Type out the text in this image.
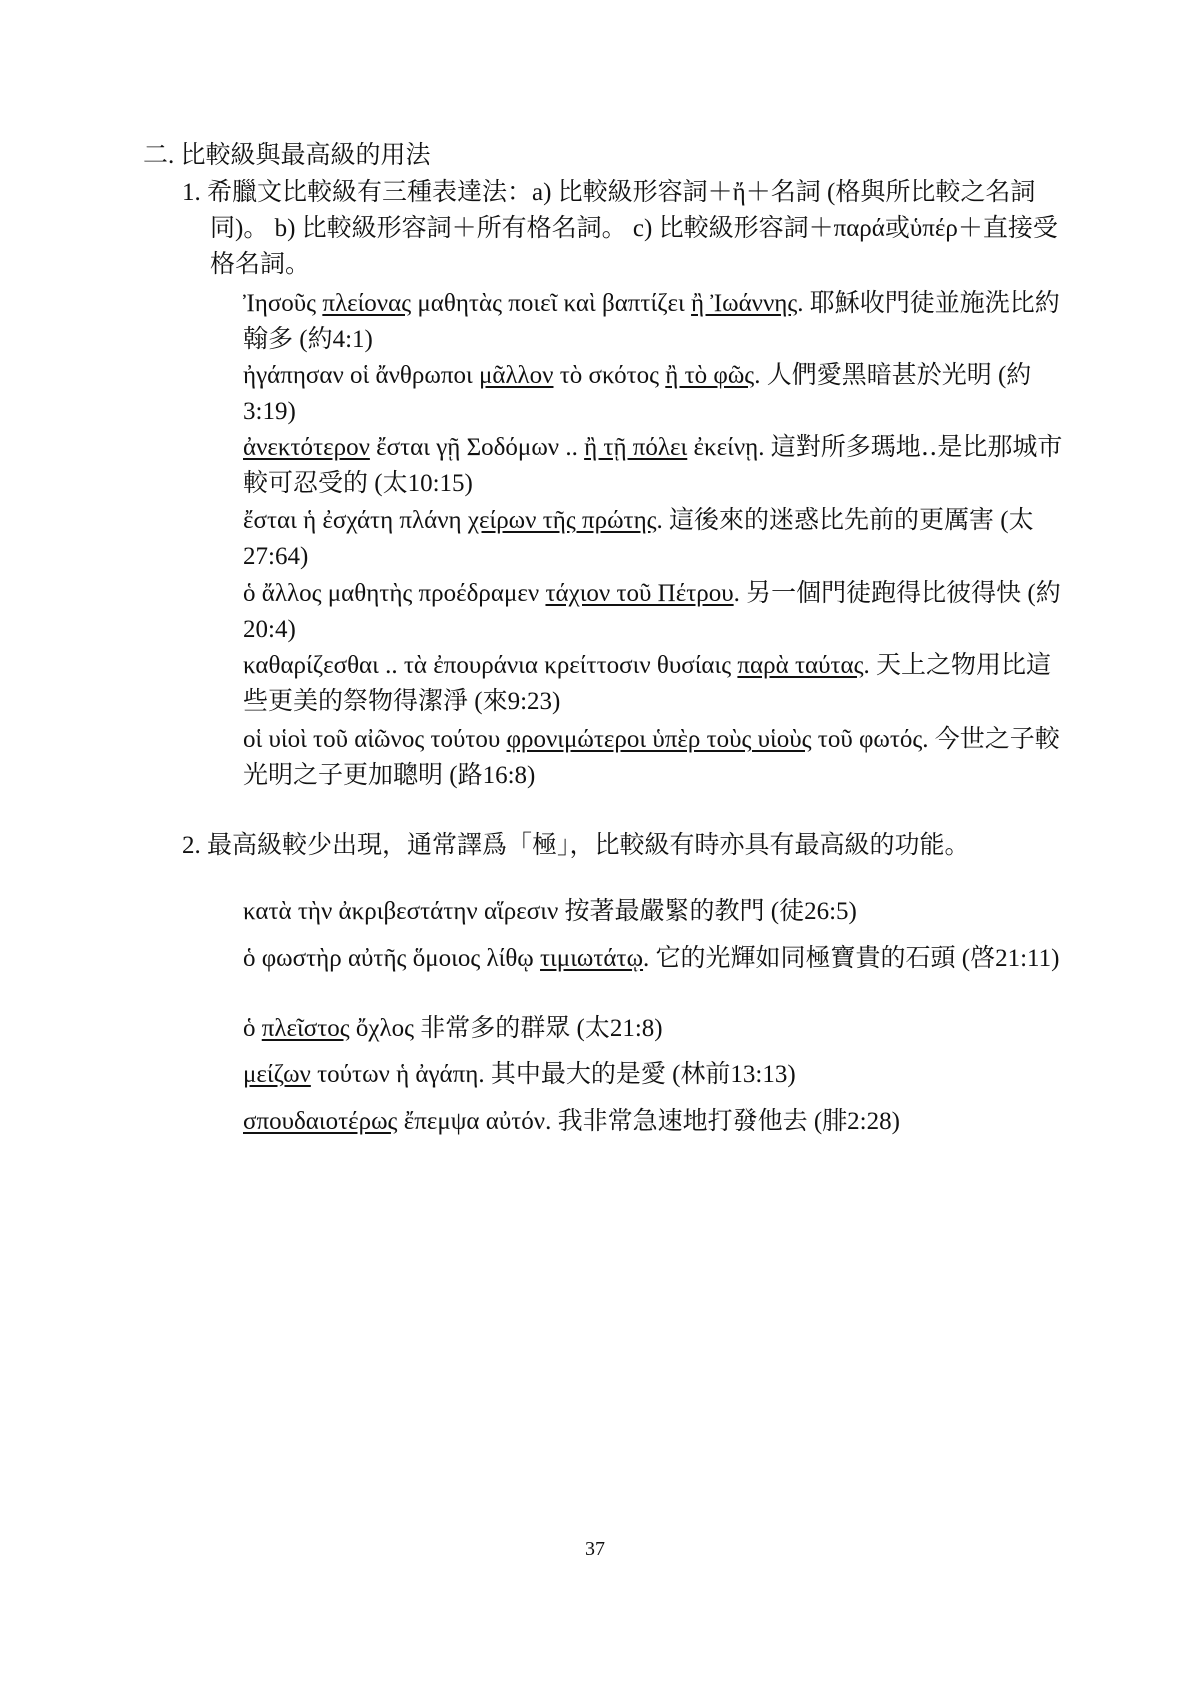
二. 比較級與最高級的用法
1. 希臘文比較級有三種表達法：a) 比較級形容詞＋ἤ＋名詞 (格與所比較之名詞同)。 b) 比較級形容詞＋所有格名詞。 c) 比較級形容詞＋παρά或ὑπέρ＋直接受格名詞。
Ἰησοῦς πλείονας μαθητὰς ποιεῖ καὶ βαπτίζει ἢ Ἰωάννης. 耶穌收門徒並施洗比約翰多 (約4:1)
ἠγάπησαν οἱ ἄνθρωποι μᾶλλον τὸ σκότος ἢ τὸ φῶς. 人們愛黑暗甚於光明 (約3:19)
ἀνεκτότερον ἔσται γῇ Σοδόμων .. ἢ τῇ πόλει ἐκείνῃ. 這對所多瑪地‥是比那城市較可忍受的 (太10:15)
ἔσται ἡ ἐσχάτη πλάνη χείρων τῆς πρώτης. 這後來的迷惑比先前的更厲害 (太27:64)
ὁ ἄλλος μαθητὴς προέδραμεν τάχιον τοῦ Πέτρου. 另一個門徒跑得比彼得快 (約20:4)
καθαρίζεσθαι .. τὰ ἐπουράνια κρείττοσιν θυσίαις παρὰ ταύτας. 天上之物用比這些更美的祭物得潔淨 (來9:23)
οἱ υἱοὶ τοῦ αἰῶνος τούτου φρονιμώτεροι ὑπὲρ τοὺς υἱοὺς τοῦ φωτός. 今世之子較光明之子更加聰明 (路16:8)
2. 最高級較少出現，通常譯爲「極」，比較級有時亦具有最高級的功能。
κατὰ τὴν ἀκριβεστάτην αἵρεσιν 按著最嚴緊的教門 (徒26:5)
ὁ φωστὴρ αὐτῆς ὅμοιος λίθῳ τιμιωτάτῳ. 它的光輝如同極寶貴的石頭 (啓21:11)
ὁ πλεῖστος ὄχλος 非常多的群眾 (太21:8)
μείζων τούτων ἡ ἀγάπη. 其中最大的是愛 (林前13:13)
σπουδαιοτέρως ἔπεμψα αὐτόν. 我非常急速地打發他去 (腓2:28)
37
